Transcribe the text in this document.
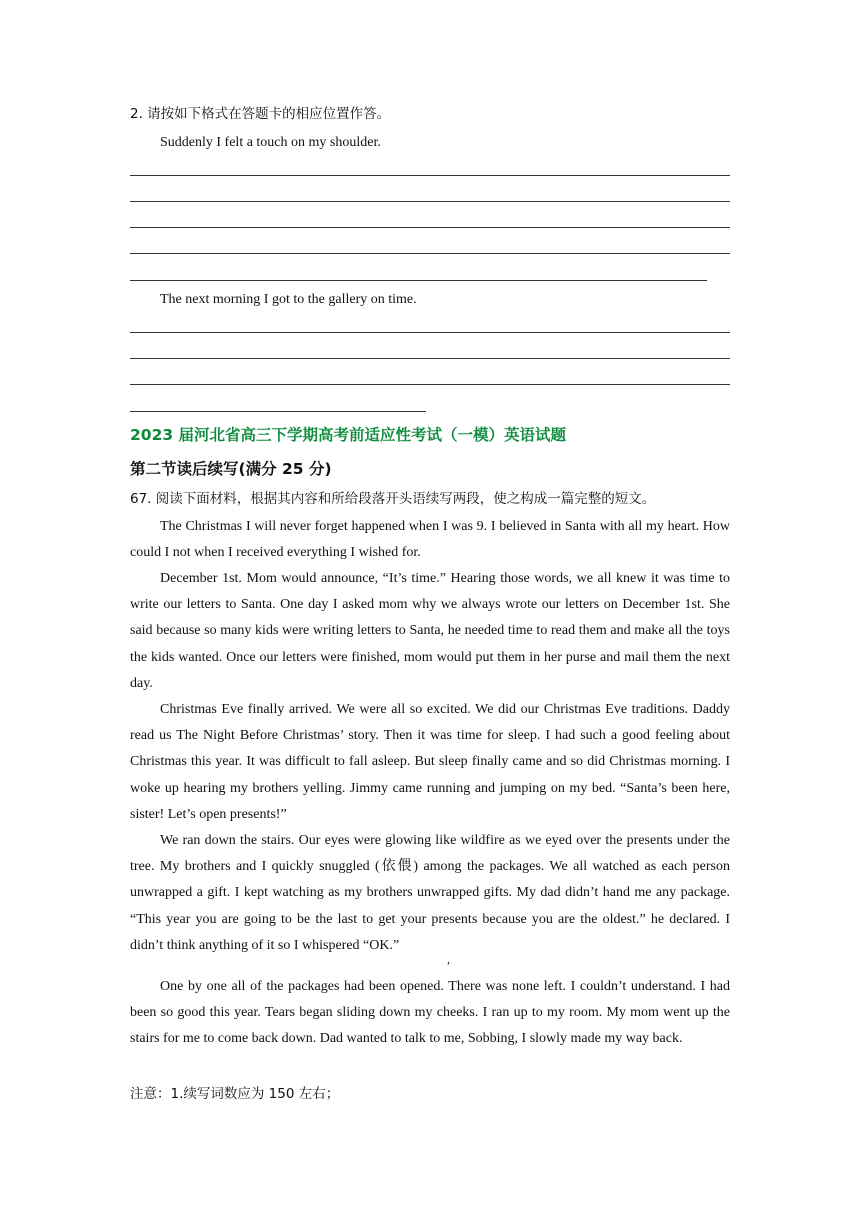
2. 请按如下格式在答题卡的相应位置作答。
Suddenly I felt a touch on my shoulder.
The next morning I got to the gallery on time.
2023 届河北省高三下学期高考前适应性考试（一模）英语试题
第二节读后续写(满分 25 分)
67. 阅读下面材料，根据其内容和所给段落开头语续写两段，使之构成一篇完整的短文。

The Christmas I will never forget happened when I was 9. I believed in Santa with all my heart. How could I not when I received everything I wished for.

December 1st. Mom would announce, “It’s time.” Hearing those words, we all knew it was time to write our letters to Santa. One day I asked mom why we always wrote our letters on December 1st. She said because so many kids were writing letters to Santa, he needed time to read them and make all the toys the kids wanted. Once our letters were finished, mom would put them in her purse and mail them the next day.

Christmas Eve finally arrived. We were all so excited. We did our Christmas Eve traditions. Daddy read us The Night Before Christmas’ story. Then it was time for sleep. I had such a good feeling about Christmas this year. It was difficult to fall asleep. But sleep finally came and so did Christmas morning. I woke up hearing my brothers yelling. Jimmy came running and jumping on my bed. “Santa’s been here, sister! Let’s open presents!”

We ran down the stairs. Our eyes were glowing like wildfire as we eyed over the presents under the tree. My brothers and I quickly snuggled (依偎) among the packages. We all watched as each person unwrapped a gift. I kept watching as my brothers unwrapped gifts. My dad didn’t hand me any package. “This year you are going to be the last to get your presents because you are the oldest.” he declared. I didn’t think anything of it so I whispered “OK.”

,

One by one all of the packages had been opened. There was none left. I couldn’t understand. I had been so good this year. Tears began sliding down my cheeks. I ran up to my room. My mom went up the stairs for me to come back down. Dad wanted to talk to me, Sobbing, I slowly made my way back.

注意：1.续写词数应为 150 左右；
